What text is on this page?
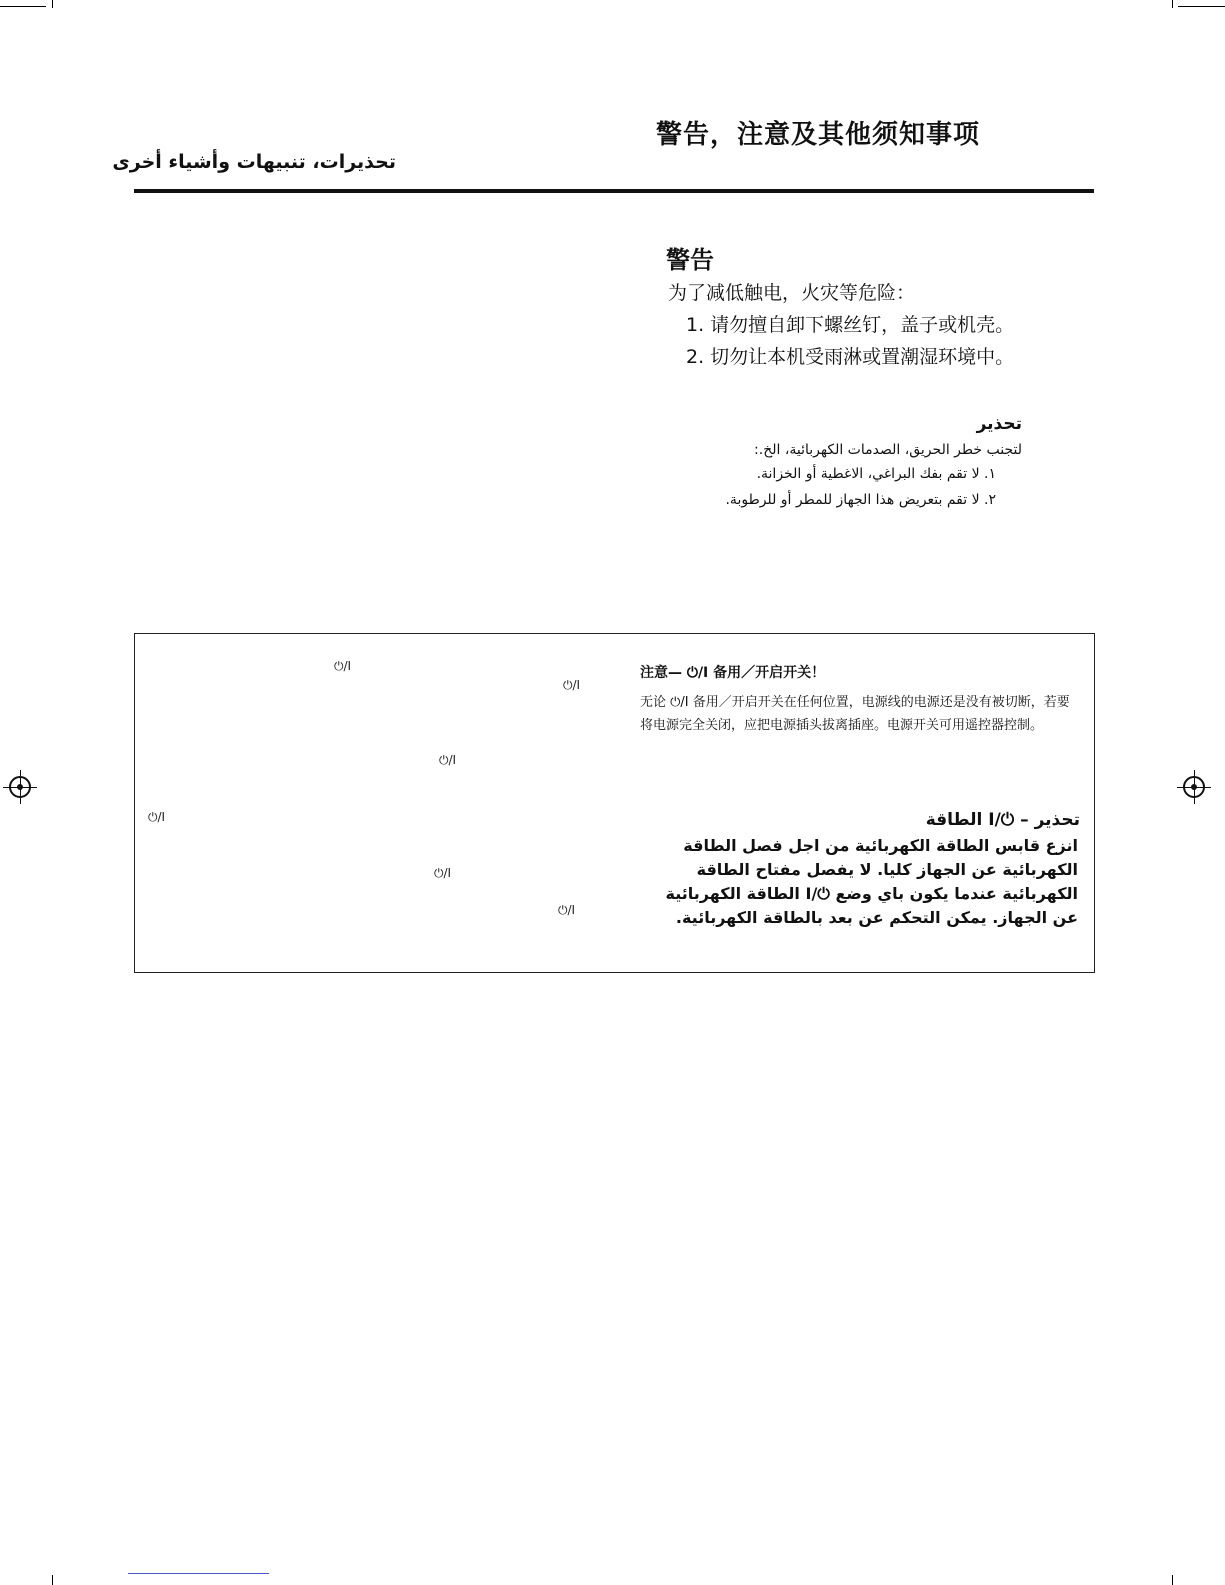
警告，注意及其他须知事项
تحذيرات، تنبيهات وأشياء أخرى
警告
为了减低触电，火灾等危险：
1. 请勿擅自卸下螺丝钉，盖子或机壳。
2. 切勿让本机受雨淋或置潮湿环境中。
تحذير
لتجنب خطر الحريق، الصدمات الكهربائية، الخ.:
١. لا تقم بفك البراغي، الاغطية أو الخزانة.
٢. لا تقم بتعريض هذا الجهاز للمطر أو للرطوبة.
⏻/I
⏻/I
⏻/I
⏻/I
⏻/I
⏻/I
注意— ⏻/I 备用／开启开关！
无论 ⏻/I 备用／开启开关在任何位置，电源线的电源还是没有被切断，若要将电源完全关闭，应把电源插头拔离插座。电源开关可用遥控器控制。
تحذير – ⏻/I الطاقة
انزع قابس الطاقة الكهربائية من اجل فصل الطاقة
الكهربائية عن الجهاز كليا. لا يفصل مفتاح الطاقة
الكهربائية عندما يكون باي وضع ⏻/I الطاقة الكهربائية
عن الجهاز. يمكن التحكم عن بعد بالطاقة الكهربائية.
